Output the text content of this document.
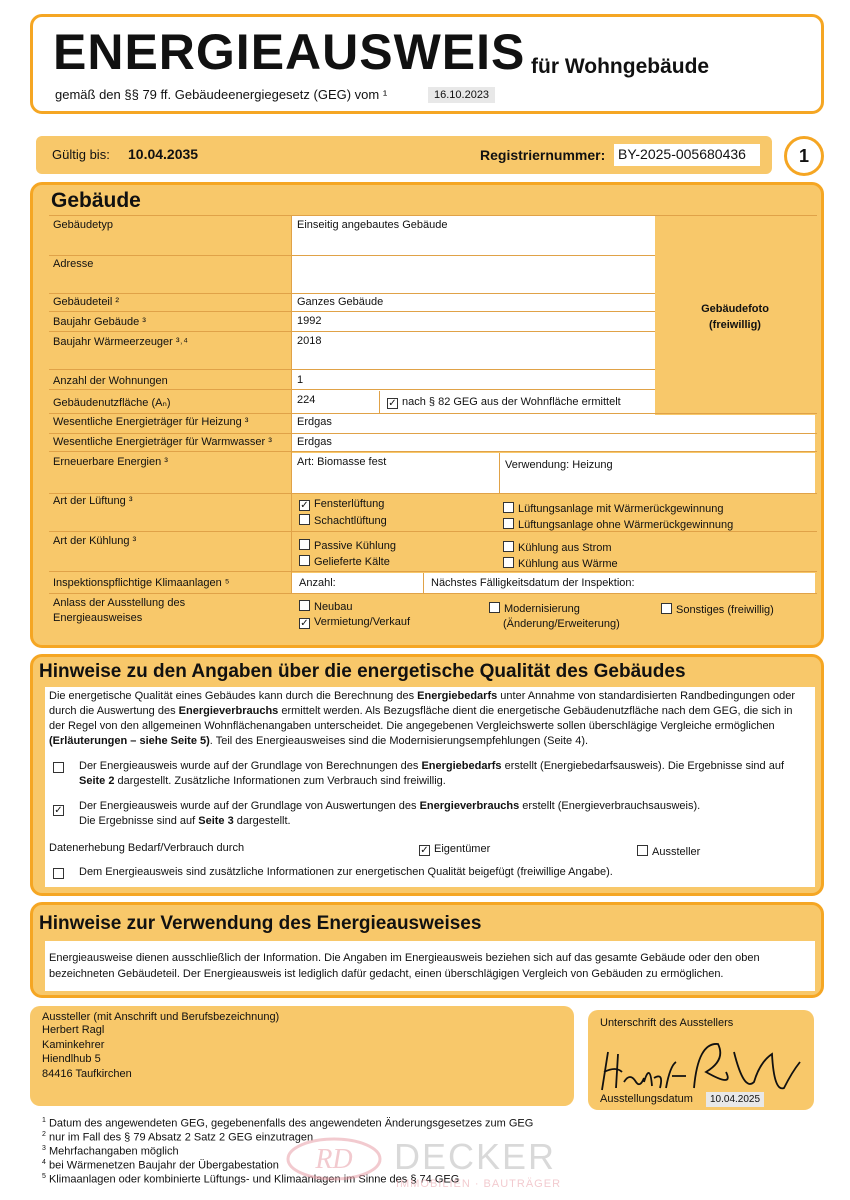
ENERGIEAUSWEIS für Wohngebäude
gemäß den §§ 79 ff. Gebäudeenergiegesetz (GEG) vom ¹	16.10.2023
Gültig bis: 10.04.2035	Registriernummer: BY-2025-005680436	1
Gebäude
Gebäudefoto
(freiwillig)
Gebäudetyp	Einseitig angebautes Gebäude
Adresse
Gebäudeteil ²	Ganzes Gebäude
Baujahr Gebäude ³	1992
Baujahr Wärmeerzeuger ³˒⁴	2018
Anzahl der Wohnungen	1
Gebäudenutzfläche (Aₙ)	224	✓ nach § 82 GEG aus der Wohnfläche ermittelt
Wesentliche Energieträger für Heizung ³	Erdgas
Wesentliche Energieträger für Warmwasser ³	Erdgas
Erneuerbare Energien ³	Art: Biomasse fest	Verwendung: Heizung
Art der Lüftung ³	✓ Fensterlüftung
Schachtlüftung
Lüftungsanlage mit Wärmerückgewinnung
Lüftungsanlage ohne Wärmerückgewinnung
Art der Kühlung ³	Passive Kühlung
Gelieferte Kälte
Kühlung aus Strom
Kühlung aus Wärme
Inspektionspflichtige Klimaanlagen ⁵	Anzahl:	Nächstes Fälligkeitsdatum der Inspektion:
Anlass der Ausstellung des
Energieausweises
Neubau
✓ Vermietung/Verkauf
Modernisierung
(Änderung/Erweiterung)
Sonstiges (freiwillig)
Hinweise zu den Angaben über die energetische Qualität des Gebäudes
Die energetische Qualität eines Gebäudes kann durch die Berechnung des Energiebedarfs unter Annahme von standardisierten Randbedingungen oder durch die Auswertung des Energieverbrauchs ermittelt werden. Als Bezugsfläche dient die energetische Gebäudenutzfläche nach dem GEG, die sich in der Regel von den allgemeinen Wohnflächenangaben unterscheidet. Die angegebenen Vergleichswerte sollen überschlägige Vergleiche ermöglichen (Erläuterungen – siehe Seite 5). Teil des Energieausweises sind die Modernisierungsempfehlungen (Seite 4).
Der Energieausweis wurde auf der Grundlage von Berechnungen des Energiebedarfs erstellt (Energiebedarfsausweis). Die Ergebnisse sind auf Seite 2 dargestellt. Zusätzliche Informationen zum Verbrauch sind freiwillig.
✓	Der Energieausweis wurde auf der Grundlage von Auswertungen des Energieverbrauchs erstellt (Energieverbrauchsausweis).
Die Ergebnisse sind auf Seite 3 dargestellt.
Datenerhebung Bedarf/Verbrauch durch	✓ Eigentümer	Aussteller
Dem Energieausweis sind zusätzliche Informationen zur energetischen Qualität beigefügt (freiwillige Angabe).
Hinweise zur Verwendung des Energieausweises
Energieausweise dienen ausschließlich der Information. Die Angaben im Energieausweis beziehen sich auf das gesamte Gebäude oder den oben
bezeichneten Gebäudeteil. Der Energieausweis ist lediglich dafür gedacht, einen überschlägigen Vergleich von Gebäuden zu ermöglichen.
Aussteller (mit Anschrift und Berufsbezeichnung)
Herbert Ragl
Kaminkehrer
Hiendlhub 5
84416 Taufkirchen
Unterschrift des Ausstellers
Ausstellungsdatum	10.04.2025
$^1$ Datum des angewendeten GEG, gegebenenfalls des angewendeten Änderungsgesetzes zum GEG
$^2$ nur im Fall des § 79 Absatz 2 Satz 2 GEG einzutragen
$^3$ Mehrfachangaben möglich
$^4$ bei Wärmenetzen Baujahr der Übergabestation
$^5$ Klimaanlagen oder kombinierte Lüftungs- und Klimaanlagen im Sinne des § 74 GEG
RD DECKER
IMMOBILIEN · BAUTRÄGER
